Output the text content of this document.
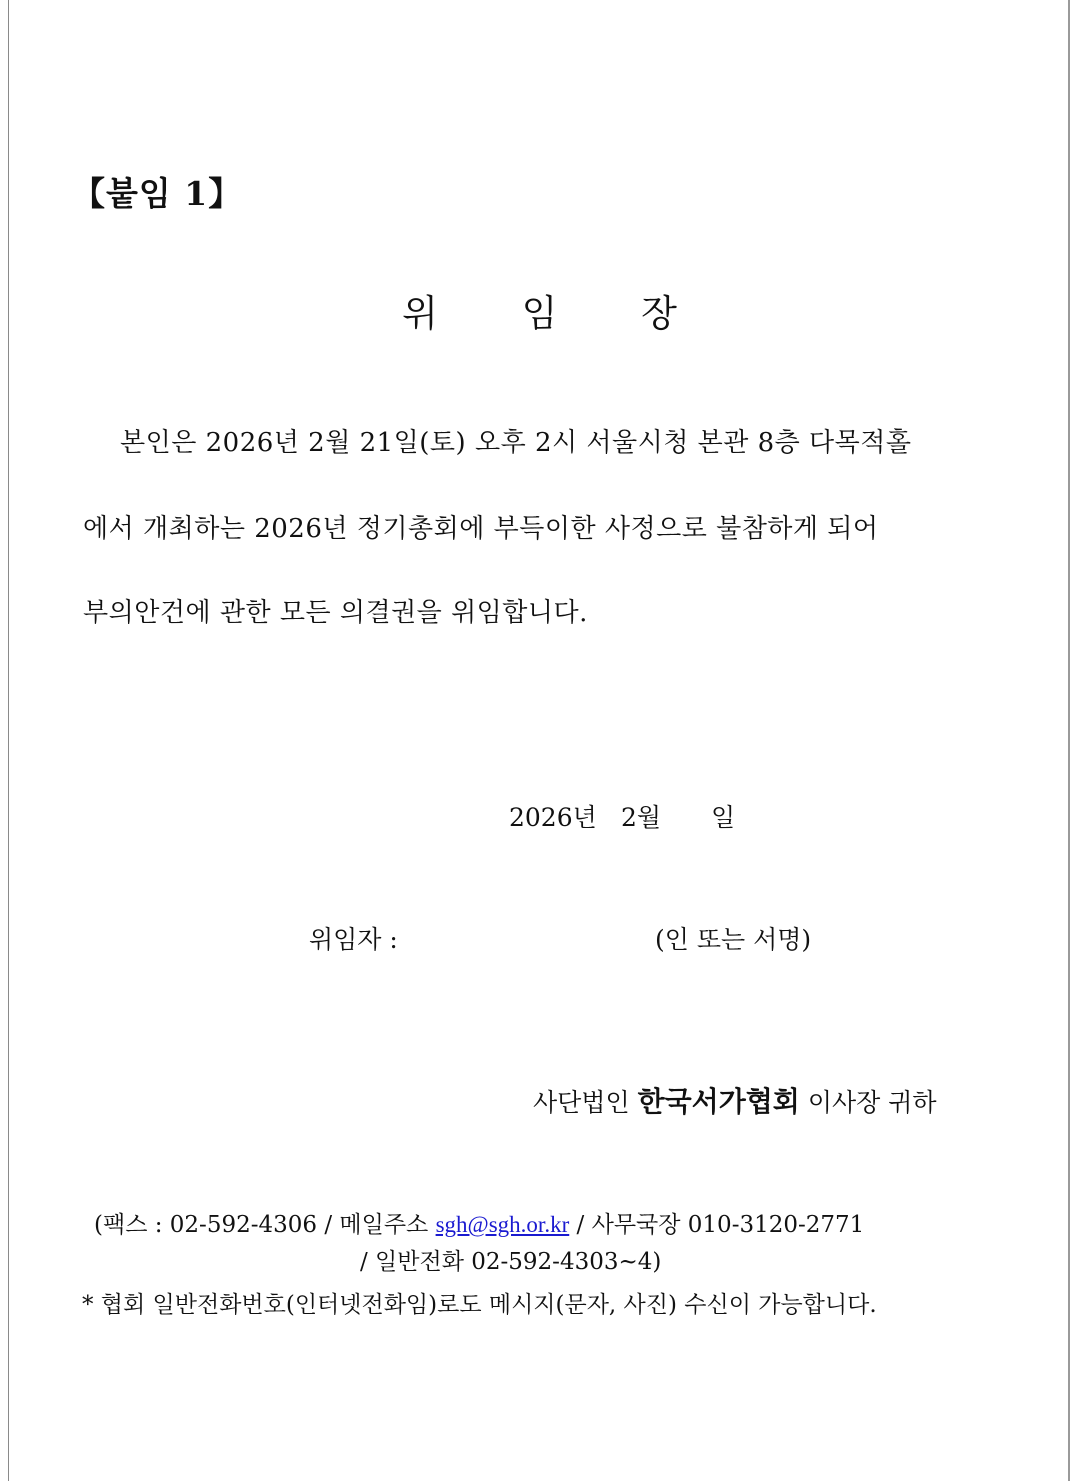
【붙임 1】
위 임 장
본인은 2026년 2월 21일(토) 오후 2시 서울시청 본관 8층 다목적홀
에서 개최하는 2026년 정기총회에 부득이한 사정으로 불참하게 되어
부의안건에 관한 모든 의결권을 위임합니다.
2026년 2월 일
위임자 :	(인 또는 서명)
사단법인 한국서가협회 이사장 귀하
(팩스 : 02-592-4306 / 메일주소 sgh@sgh.or.kr / 사무국장 010-3120-2771
/ 일반전화 02-592-4303~4)
* 협회 일반전화번호(인터넷전화임)로도 메시지(문자, 사진) 수신이 가능합니다.
